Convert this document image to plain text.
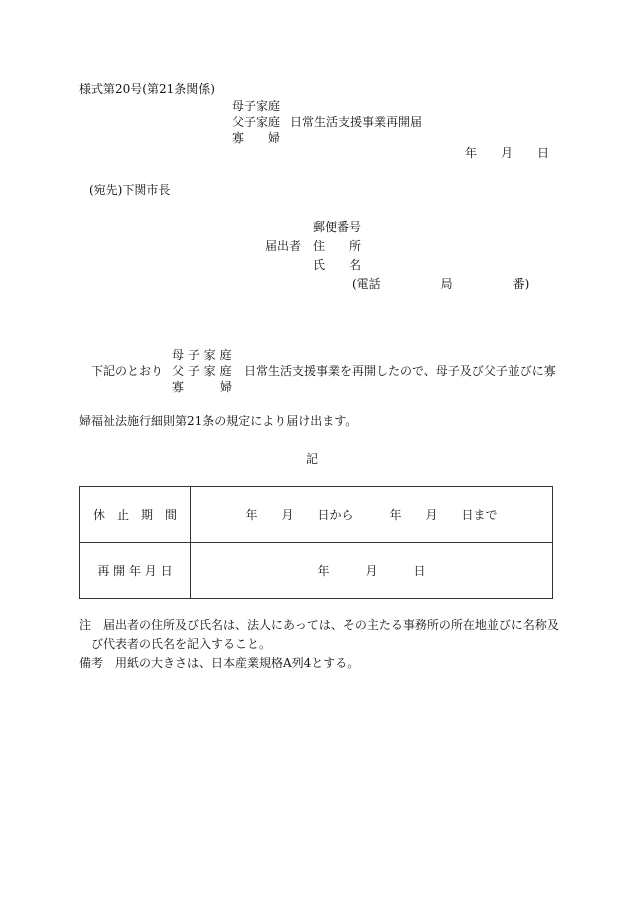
様式第20号(第21条関係)
母子家庭
父子家庭
寡　　婦
日常生活支援事業再開届
年　　月　　日
(宛先)下関市長
郵便番号
届出者 住　　所
氏　　名
(電話　　　　　局　　　　　番)
下記のとおり
母 子 家 庭
父 子 家 庭
寡　　　婦
日常生活支援事業を再開したので、母子及び父子並びに寡
婦福祉法施行細則第21条の規定により届け出ます。
記
休　止　期　間	年　　月　　日から　　　年　　月　　日まで
再 開 年 月 日	年　　　月　　　日
注　届出者の住所及び氏名は、法人にあっては、その主たる事務所の所在地並びに名称及
び代表者の氏名を記入すること。
備考　用紙の大きさは、日本産業規格A列4とする。
